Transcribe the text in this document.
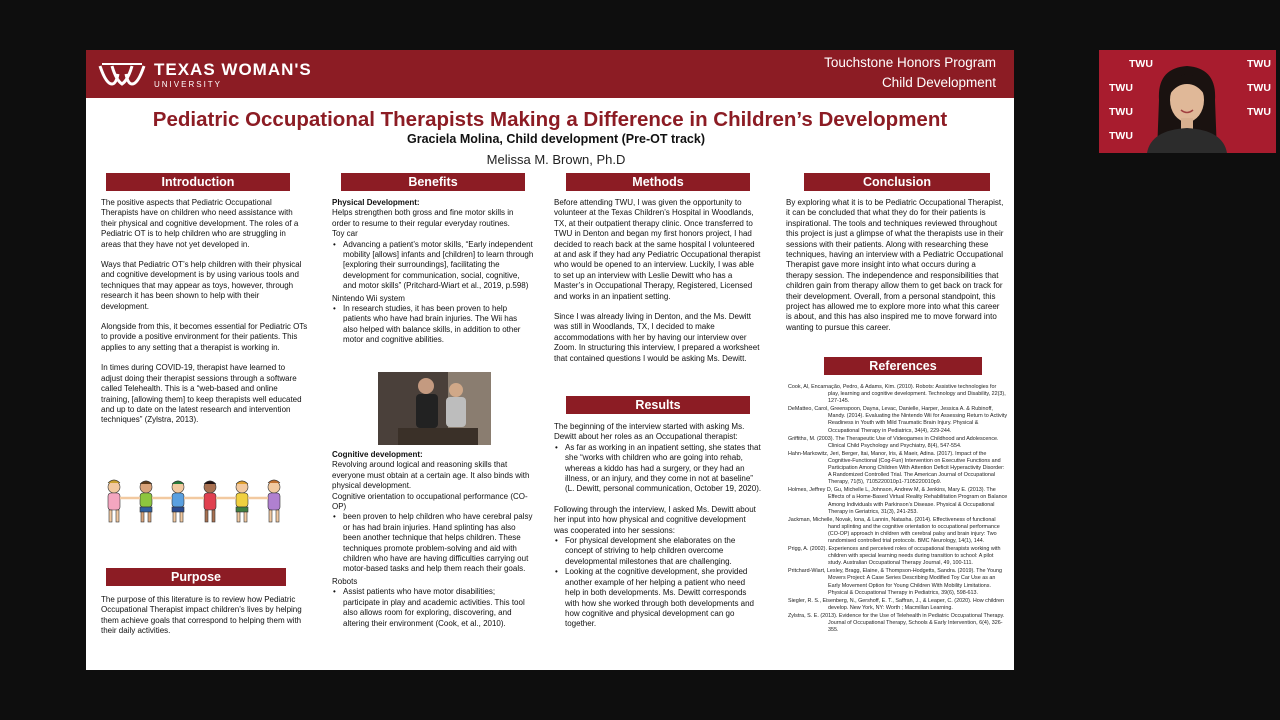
TEXAS WOMAN'S
UNIVERSITY
Touchstone Honors Program
Child Development
Pediatric Occupational Therapists Making a Difference in Children’s Development
Graciela Molina, Child development (Pre-OT track)
Melissa M. Brown, Ph.D
Introduction

The positive aspects that Pediatric Occupational Therapists have on children who need assistance with their physical and cognitive development. The roles of a Pediatric OT is to help children who are struggling in areas that they have not yet developed in.

Ways that Pediatric OT’s help children with their physical and cognitive development is by using various tools and techniques that may appear as toys, however, through research it has been shown to help with their development.

Alongside from this, it becomes essential for Pediatric OTs to provide a positive environment for their patients. This applies to any setting that a therapist is working in.

In times during COVID-19, therapist have learned to adjust doing their therapist sessions through a software called Telehealth. This is a “web-based and online training, [allowing them] to keep therapists well educated and up to date on the latest research and intervention techniques” (Zylstra, 2013).

Purpose

The purpose of this literature is to review how Pediatric Occupational Therapist impact children’s lives by helping them achieve goals that correspond to helping them with their daily activities.

Benefits
Physical Development:
Helps strengthen both gross and fine motor skills in order to resume to their regular everyday routines.
Toy car
• Advancing a patient’s motor skills, “Early independent mobility [allows] infants and [children] to learn through [exploring their surroundings], facilitating the development for communication, social, cognitive, and motor skills” (Pritchard-Wiart et al., 2019, p.598)
Nintendo Wii system
• In research studies, it has been proven to help patients who have had brain injuries. The Wii has also helped with balance skills, in addition to other motor and cognitive abilities.
Cognitive development:
Revolving around logical and reasoning skills that everyone must obtain at a certain age. It also binds with physical development.
Cognitive orientation to occupational performance (CO-OP)
• been proven to help children who have cerebral palsy or has had brain injuries. Hand splinting has also been another technique that helps children. These techniques promote problem-solving and aid with children who have are having difficulties carrying out motor-based tasks and help them reach their goals.
Robots
• Assist patients who have motor disabilities; participate in play and academic activities. This tool also allows room for exploring, discovering, and altering their environment (Cook, et al., 2010).
Methods

Before attending TWU, I was given the opportunity to volunteer at the Texas Children’s Hospital in Woodlands, TX, at their outpatient therapy clinic. Once transferred to TWU in Denton and began my first honors project, I had decided to reach back at the same hospital I volunteered at and ask if they had any Pediatric Occupational therapist who would be opened to an interview. Luckily, I was able to set up an interview with Leslie Dewitt who has a Master’s in Occupational Therapy, Registered, Licensed and works in an inpatient setting.

Since I was already living in Denton, and the Ms. Dewitt was still in Woodlands, TX, I decided to make accommodations with her by having our interview over Zoom. In structuring this interview, I prepared a worksheet that contained questions I would be asking Ms. Dewitt.

Results
The beginning of the interview started with asking Ms. Dewitt about her roles as an Occupational therapist:
• As far as working in an inpatient setting, she states that she “works with children who are going into rehab, whereas a kiddo has had a surgery, or they had an illness, or an injury, and they come in not at baseline” (L. Dewitt, personal communication, October 19, 2020).
Following through the interview, I asked Ms. Dewitt about her input into how physical and cognitive development was cooperated into her sessions:
• For physical development she elaborates on the concept of striving to help children overcome developmental milestones that are challenging.
• Looking at the cognitive development, she provided another example of her helping a patient who need help in both developments. Ms. Dewitt corresponds with how she worked through both developments and how cognitive and physical development can go together.
Conclusion

By exploring what it is to be Pediatric Occupational Therapist, it can be concluded that what they do for their patients is inspirational. The tools and techniques reviewed throughout this project is just a glimpse of what the therapists use in their sessions with their patients. Along with researching these techniques, having an interview with a Pediatric Occupational Therapist gave more insight into what occurs during a therapy session. The independence and responsibilities that children gain from therapy allow them to get back on track for their development. Overall, from a personal standpoint, this project has allowed me to explore more into what this career is about, and this has also inspired me to move forward into wanting to pursue this career.

References
Cook, Al, Encarnação, Pedro, & Adams, Kim. (2010). Robots: Assistive technologies for play, learning and cognitive development. Technology and Disability, 22(3), 127-145.
DeMatteo, Carol, Greenspoon, Dayna, Levac, Danielle, Harper, Jessica A. & Rubinoff, Mandy. (2014). Evaluating the Nintendo Wii for Assessing Return to Activity Readiness in Youth with Mild Traumatic Brain Injury. Physical & Occupational Therapy in Pediatrics, 34(4), 229-244.
Griffiths, M. (2003). The Therapeutic Use of Videogames in Childhood and Adolescence. Clinical Child Psychology and Psychiatry, 8(4), 547-554.
Hahn-Markowitz, Jeri, Berger, Itai, Manor, Iris, & Maeir, Adina. (2017). Impact of the Cognitive-Functional (Cog-Fun) Intervention on Executive Functions and Participation Among Children With Attention Deficit Hyperactivity Disorder: A Randomized Controlled Trial. The American Journal of Occupational Therapy, 71(5), 7105220010p1-7105220010p9.
Holmes, Jeffrey D, Gu, Michelle L, Johnson, Andrew M, & Jenkins, Mary E. (2013). The Effects of a Home-Based Virtual Reality Rehabilitation Program on Balance Among Individuals with Parkinson’s Disease. Physical & Occupational Therapy in Geriatrics, 31(3), 241-253.
Jackman, Michelle, Novak, Iona, & Lannin, Natasha. (2014). Effectiveness of functional hand splinting and the cognitive orientation to occupational performance (CO-OP) approach in children with cerebral palsy and brain injury: Two randomised controlled trial protocols. BMC Neurology, 14(1), 144.
Prigg, A. (2002). Experiences and perceived roles of occupational therapists working with children with special learning needs during transition to school: A pilot study. Australian Occupational Therapy Journal, 49, 100-111.
Pritchard-Wiart, Lesley, Bragg, Elaine, & Thompson-Hodgetts, Sandra. (2019). The Young Movers Project: A Case Series Describing Modified Toy Car Use as an Early Movement Option for Young Children With Mobility Limitations. Physical & Occupational Therapy in Pediatrics, 39(6), 598-613.
Siegler, R. S., Eisenberg, N., Gershoff, E. T., Saffran, J., & Leaper, C. (2020). How children develop. New York, NY: Worth ; Macmillan Learning.
Zylstra, S. E. (2013). Evidence for the Use of Telehealth in Pediatric Occupational Therapy. Journal of Occupational Therapy, Schools & Early Intervention, 6(4), 326-355.
TWU	TWU
TWU
TWU
TWU
TWU
TWU
